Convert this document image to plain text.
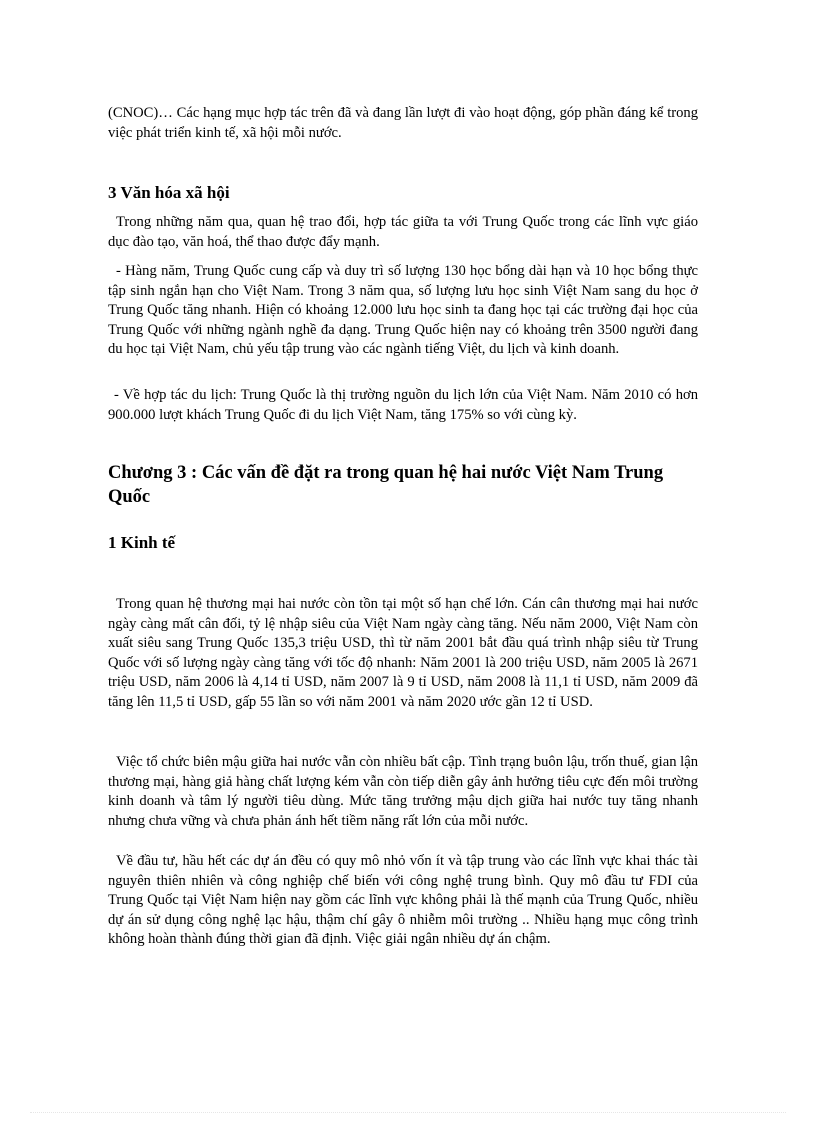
(CNOC)… Các hạng mục hợp tác trên đã và đang lần lượt đi vào hoạt động, góp phần đáng kể trong việc phát triển kinh tế, xã hội mỗi nước.

3 Văn hóa xã hội

Trong những năm qua, quan hệ trao đổi, hợp tác giữa ta với Trung Quốc trong các lĩnh vực giáo dục đào tạo, văn hoá, thể thao được đẩy mạnh.

- Hàng năm, Trung Quốc cung cấp và duy trì số lượng 130 học bổng dài hạn và 10 học bổng thực tập sinh ngắn hạn cho Việt Nam. Trong 3 năm qua, số lượng lưu học sinh Việt Nam sang du học ở Trung Quốc tăng nhanh. Hiện có khoảng 12.000 lưu học sinh ta đang học tại các trường đại học của Trung Quốc với những ngành nghề đa dạng. Trung Quốc hiện nay có khoảng trên 3500 người đang du học tại Việt Nam, chủ yếu tập trung vào các ngành tiếng Việt, du lịch và kinh doanh.

- Về hợp tác du lịch: Trung Quốc là thị trường nguồn du lịch lớn của Việt Nam. Năm 2010 có hơn 900.000 lượt khách Trung Quốc đi du lịch Việt Nam, tăng 175% so với cùng kỳ.

Chương 3 : Các vấn đề đặt ra trong quan hệ hai nước Việt Nam Trung Quốc
1 Kinh tế

Trong quan hệ thương mại hai nước còn tồn tại một số hạn chế lớn. Cán cân thương mại hai nước ngày càng mất cân đối, tỷ lệ nhập siêu của Việt Nam ngày càng tăng. Nếu năm 2000, Việt Nam còn xuất siêu sang Trung Quốc 135,3 triệu USD, thì từ năm 2001 bắt đầu quá trình nhập siêu từ Trung Quốc với số lượng ngày càng tăng với tốc độ nhanh: Năm 2001 là 200 triệu USD, năm 2005 là 2671 triệu USD, năm 2006 là 4,14 tỉ USD, năm 2007 là 9 tỉ USD, năm 2008 là 11,1 tỉ USD, năm 2009 đã tăng lên 11,5 tỉ USD, gấp 55 lần so với năm 2001 và năm 2020 ước gần 12 tỉ USD.

Việc tổ chức biên mậu giữa hai nước vẫn còn nhiều bất cập. Tình trạng buôn lậu, trốn thuế, gian lận thương mại, hàng giả hàng chất lượng kém vẫn còn tiếp diễn gây ảnh hưởng tiêu cực đến môi trường kinh doanh và tâm lý người tiêu dùng. Mức tăng trưởng mậu dịch giữa hai nước tuy tăng nhanh nhưng chưa vững và chưa phản ánh hết tiềm năng rất lớn của mỗi nước.

Về đầu tư, hầu hết các dự án đều có quy mô nhỏ vốn ít và tập trung vào các lĩnh vực khai thác tài nguyên thiên nhiên và công nghiệp chế biến với công nghệ trung bình. Quy mô đầu tư FDI của Trung Quốc tại Việt Nam hiện nay gồm các lĩnh vực không phải là thế mạnh của Trung Quốc, nhiều dự án sử dụng công nghệ lạc hậu, thậm chí gây ô nhiễm môi trường .. Nhiều hạng mục công trình không hoàn thành đúng thời gian đã định. Việc giải ngân nhiều dự án chậm.
